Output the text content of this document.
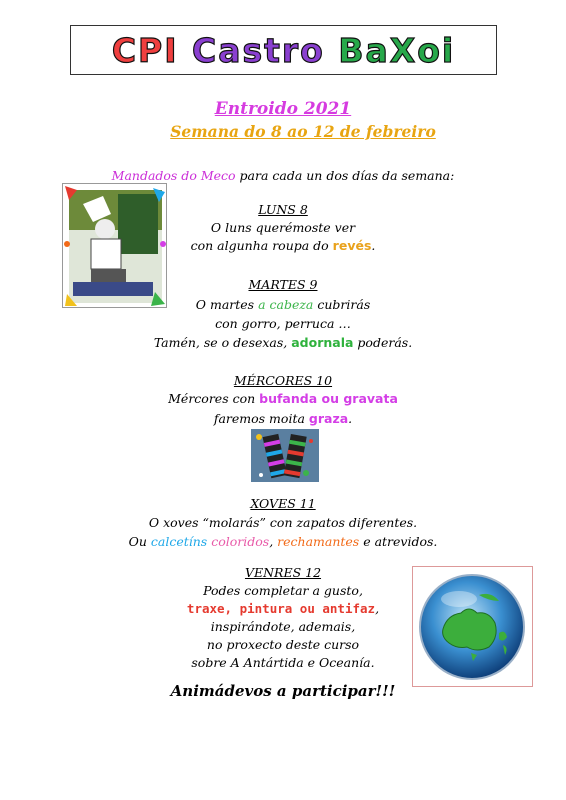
CPI Castro BaXoi
Entroido 2021
Semana do 8 ao 12 de febreiro
Mandados do Meco para cada un dos días da semana:
LUNS 8
O luns querémoste ver
con algunha roupa do revés.
MARTES 9
O martes a cabeza cubrirás
con gorro, perruca …
Tamén, se o desexas, adornala poderás.
MÉRCORES 10
Mércores con bufanda ou gravata
faremos moita graza.
XOVES 11
O xoves “molarás” con zapatos diferentes.
Ou calcetíns coloridos, rechamantes e atrevidos.
VENRES 12
Podes completar a gusto,
traxe, pintura ou antifaz,
inspirándote, ademais,
no proxecto deste curso
sobre A Antártida e Oceanía.
Animádevos a participar!!!
